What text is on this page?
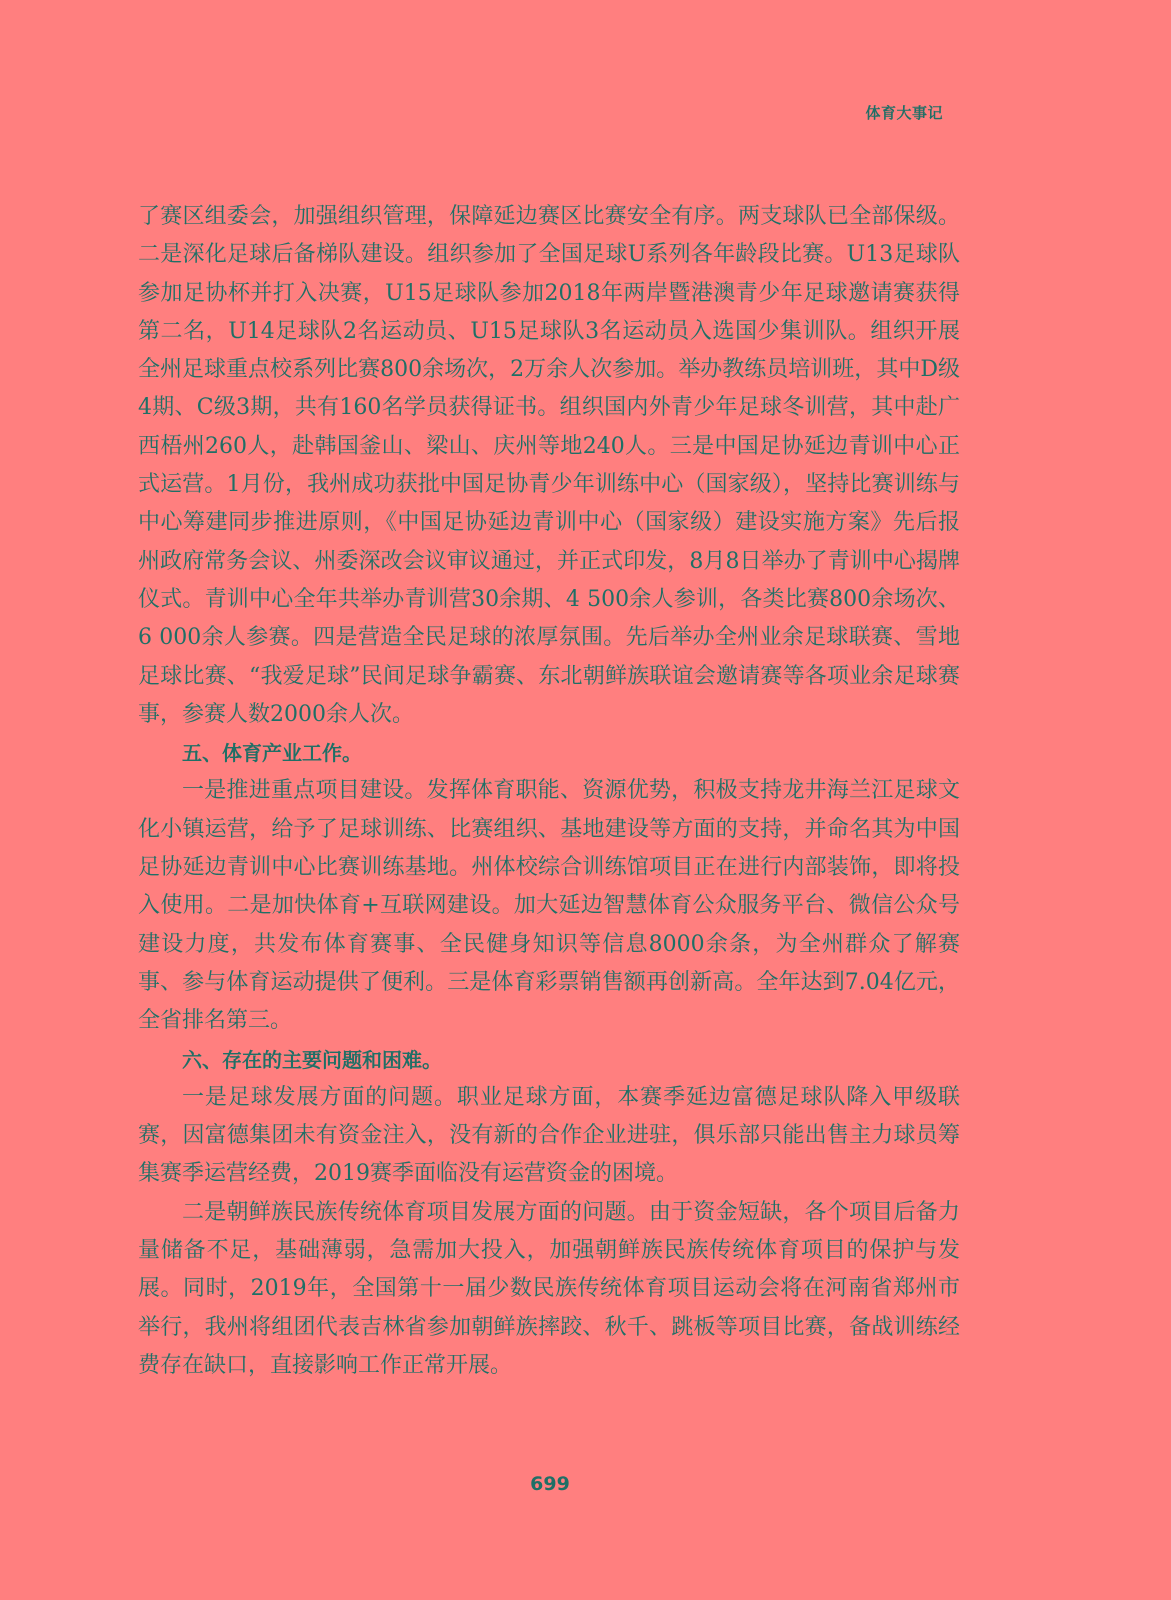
体育大事记

了赛区组委会，加强组织管理，保障延边赛区比赛安全有序。两支球队已全部保级。二是深化足球后备梯队建设。组织参加了全国足球U系列各年龄段比赛。U13足球队参加足协杯并打入决赛，U15足球队参加2018年两岸暨港澳青少年足球邀请赛获得第二名，U14足球队2名运动员、U15足球队3名运动员入选国少集训队。组织开展全州足球重点校系列比赛800余场次，2万余人次参加。举办教练员培训班，其中D级4期、C级3期，共有160名学员获得证书。组织国内外青少年足球冬训营，其中赴广西梧州260人，赴韩国釜山、梁山、庆州等地240人。三是中国足协延边青训中心正式运营。1月份，我州成功获批中国足协青少年训练中心（国家级），坚持比赛训练与中心筹建同步推进原则，《中国足协延边青训中心（国家级）建设实施方案》先后报州政府常务会议、州委深改会议审议通过，并正式印发，8月8日举办了青训中心揭牌仪式。青训中心全年共举办青训营30余期、4 500余人参训，各类比赛800余场次、6 000余人参赛。四是营造全民足球的浓厚氛围。先后举办全州业余足球联赛、雪地足球比赛、“我爱足球”民间足球争霸赛、东北朝鲜族联谊会邀请赛等各项业余足球赛事，参赛人数2000余人次。

五、体育产业工作。

一是推进重点项目建设。发挥体育职能、资源优势，积极支持龙井海兰江足球文化小镇运营，给予了足球训练、比赛组织、基地建设等方面的支持，并命名其为中国足协延边青训中心比赛训练基地。州体校综合训练馆项目正在进行内部装饰，即将投入使用。二是加快体育+互联网建设。加大延边智慧体育公众服务平台、微信公众号建设力度，共发布体育赛事、全民健身知识等信息8000余条，为全州群众了解赛事、参与体育运动提供了便利。三是体育彩票销售额再创新高。全年达到7.04亿元，全省排名第三。

六、存在的主要问题和困难。

一是足球发展方面的问题。职业足球方面，本赛季延边富德足球队降入甲级联赛，因富德集团未有资金注入，没有新的合作企业进驻，俱乐部只能出售主力球员筹集赛季运营经费，2019赛季面临没有运营资金的困境。

二是朝鲜族民族传统体育项目发展方面的问题。由于资金短缺，各个项目后备力量储备不足，基础薄弱，急需加大投入，加强朝鲜族民族传统体育项目的保护与发展。同时，2019年，全国第十一届少数民族传统体育项目运动会将在河南省郑州市举行，我州将组团代表吉林省参加朝鲜族摔跤、秋千、跳板等项目比赛，备战训练经费存在缺口，直接影响工作正常开展。

699
